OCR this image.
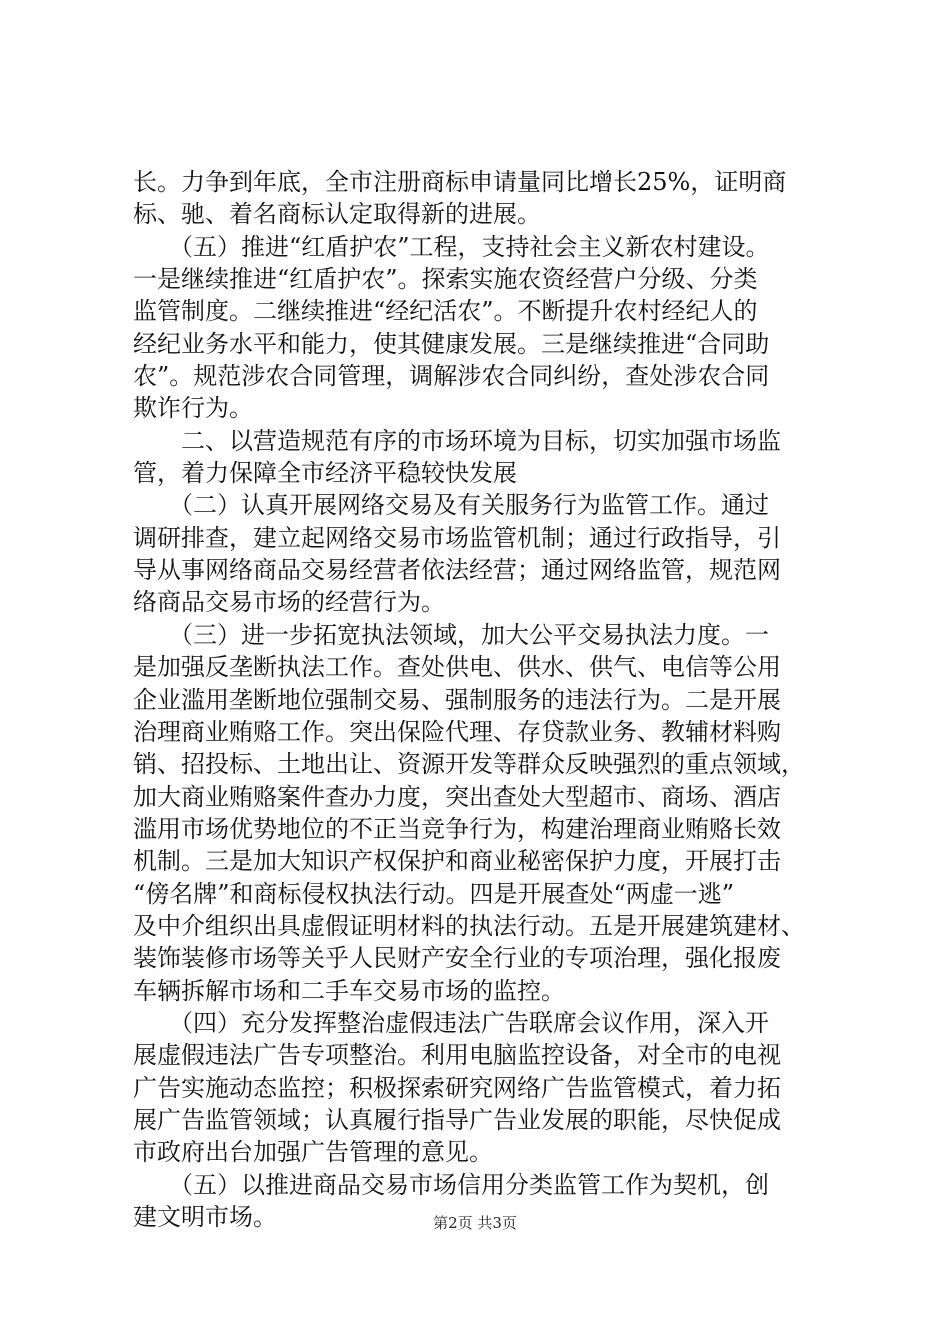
长。力争到年底，全市注册商标申请量同比增长25%，证明商
标、驰、着名商标认定取得新的进展。
　　（五）推进“红盾护农”工程，支持社会主义新农村建设。
一是继续推进“红盾护农”。探索实施农资经营户分级、分类
监管制度。二继续推进“经纪活农”。不断提升农村经纪人的
经纪业务水平和能力，使其健康发展。三是继续推进“合同助
农”。规范涉农合同管理，调解涉农合同纠纷，查处涉农合同
欺诈行为。
　　二、以营造规范有序的市场环境为目标，切实加强市场监
管，着力保障全市经济平稳较快发展
　　（二）认真开展网络交易及有关服务行为监管工作。通过
调研排查，建立起网络交易市场监管机制；通过行政指导，引
导从事网络商品交易经营者依法经营；通过网络监管，规范网
络商品交易市场的经营行为。
　　（三）进一步拓宽执法领域，加大公平交易执法力度。一
是加强反垄断执法工作。查处供电、供水、供气、电信等公用
企业滥用垄断地位强制交易、强制服务的违法行为。二是开展
治理商业贿赂工作。突出保险代理、存贷款业务、教辅材料购
销、招投标、土地出让、资源开发等群众反映强烈的重点领域，
加大商业贿赂案件查办力度，突出查处大型超市、商场、酒店
滥用市场优势地位的不正当竞争行为，构建治理商业贿赂长效
机制。三是加大知识产权保护和商业秘密保护力度，开展打击
“傍名牌”和商标侵权执法行动。四是开展查处“两虚一逃”
及中介组织出具虚假证明材料的执法行动。五是开展建筑建材、
装饰装修市场等关乎人民财产安全行业的专项治理，强化报废
车辆拆解市场和二手车交易市场的监控。
　　（四）充分发挥整治虚假违法广告联席会议作用，深入开
展虚假违法广告专项整治。利用电脑监控设备，对全市的电视
广告实施动态监控；积极探索研究网络广告监管模式，着力拓
展广告监管领域；认真履行指导广告业发展的职能，尽快促成
市政府出台加强广告管理的意见。
　　（五）以推进商品交易市场信用分类监管工作为契机，创
建文明市场。	第2页 共3页
